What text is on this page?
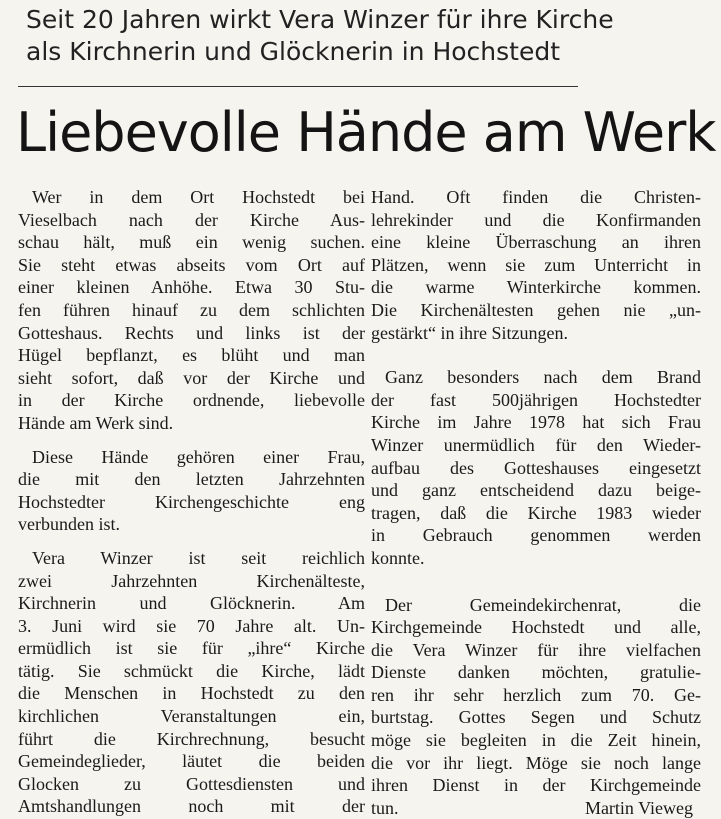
Seit 20 Jahren wirkt Vera Winzer für ihre Kirche
als Kirchnerin und Glöcknerin in Hochstedt
Liebevolle Hände am Werk

Wer in dem Ort Hochstedt bei
Vieselbach nach der Kirche Aus-
schau hält, muß ein wenig suchen.
Sie steht etwas abseits vom Ort auf
einer kleinen Anhöhe. Etwa 30 Stu-
fen führen hinauf zu dem schlichten
Gotteshaus. Rechts und links ist der
Hügel bepflanzt, es blüht und man
sieht sofort, daß vor der Kirche und
in der Kirche ordnende, liebevolle
Hände am Werk sind.

Diese Hände gehören einer Frau,
die mit den letzten Jahrzehnten
Hochstedter Kirchengeschichte eng
verbunden ist.

Vera Winzer ist seit reichlich
zwei Jahrzehnten Kirchenälteste,
Kirchnerin und Glöcknerin. Am
3. Juni wird sie 70 Jahre alt. Un-
ermüdlich ist sie für „ihre“ Kirche
tätig. Sie schmückt die Kirche, lädt
die Menschen in Hochstedt zu den
kirchlichen Veranstaltungen ein,
führt die Kirchrechnung, besucht
Gemeindeglieder, läutet die beiden
Glocken zu Gottesdiensten und
Amtshandlungen noch mit der

Hand. Oft finden die Christen-
lehrekinder und die Konfirmanden
eine kleine Überraschung an ihren
Plätzen, wenn sie zum Unterricht in
die warme Winterkirche kommen.
Die Kirchenältesten gehen nie „un-
gestärkt“ in ihre Sitzungen.

Ganz besonders nach dem Brand
der fast 500jährigen Hochstedter
Kirche im Jahre 1978 hat sich Frau
Winzer unermüdlich für den Wieder-
aufbau des Gotteshauses eingesetzt
und ganz entscheidend dazu beige-
tragen, daß die Kirche 1983 wieder
in Gebrauch genommen werden
konnte.

Der Gemeindekirchenrat, die
Kirchgemeinde Hochstedt und alle,
die Vera Winzer für ihre vielfachen
Dienste danken möchten, gratulie-
ren ihr sehr herzlich zum 70. Ge-
burtstag. Gottes Segen und Schutz
möge sie begleiten in die Zeit hinein,
die vor ihr liegt. Möge sie noch lange
ihren Dienst in der Kirchgemeinde
tun.	Martin Vieweg
